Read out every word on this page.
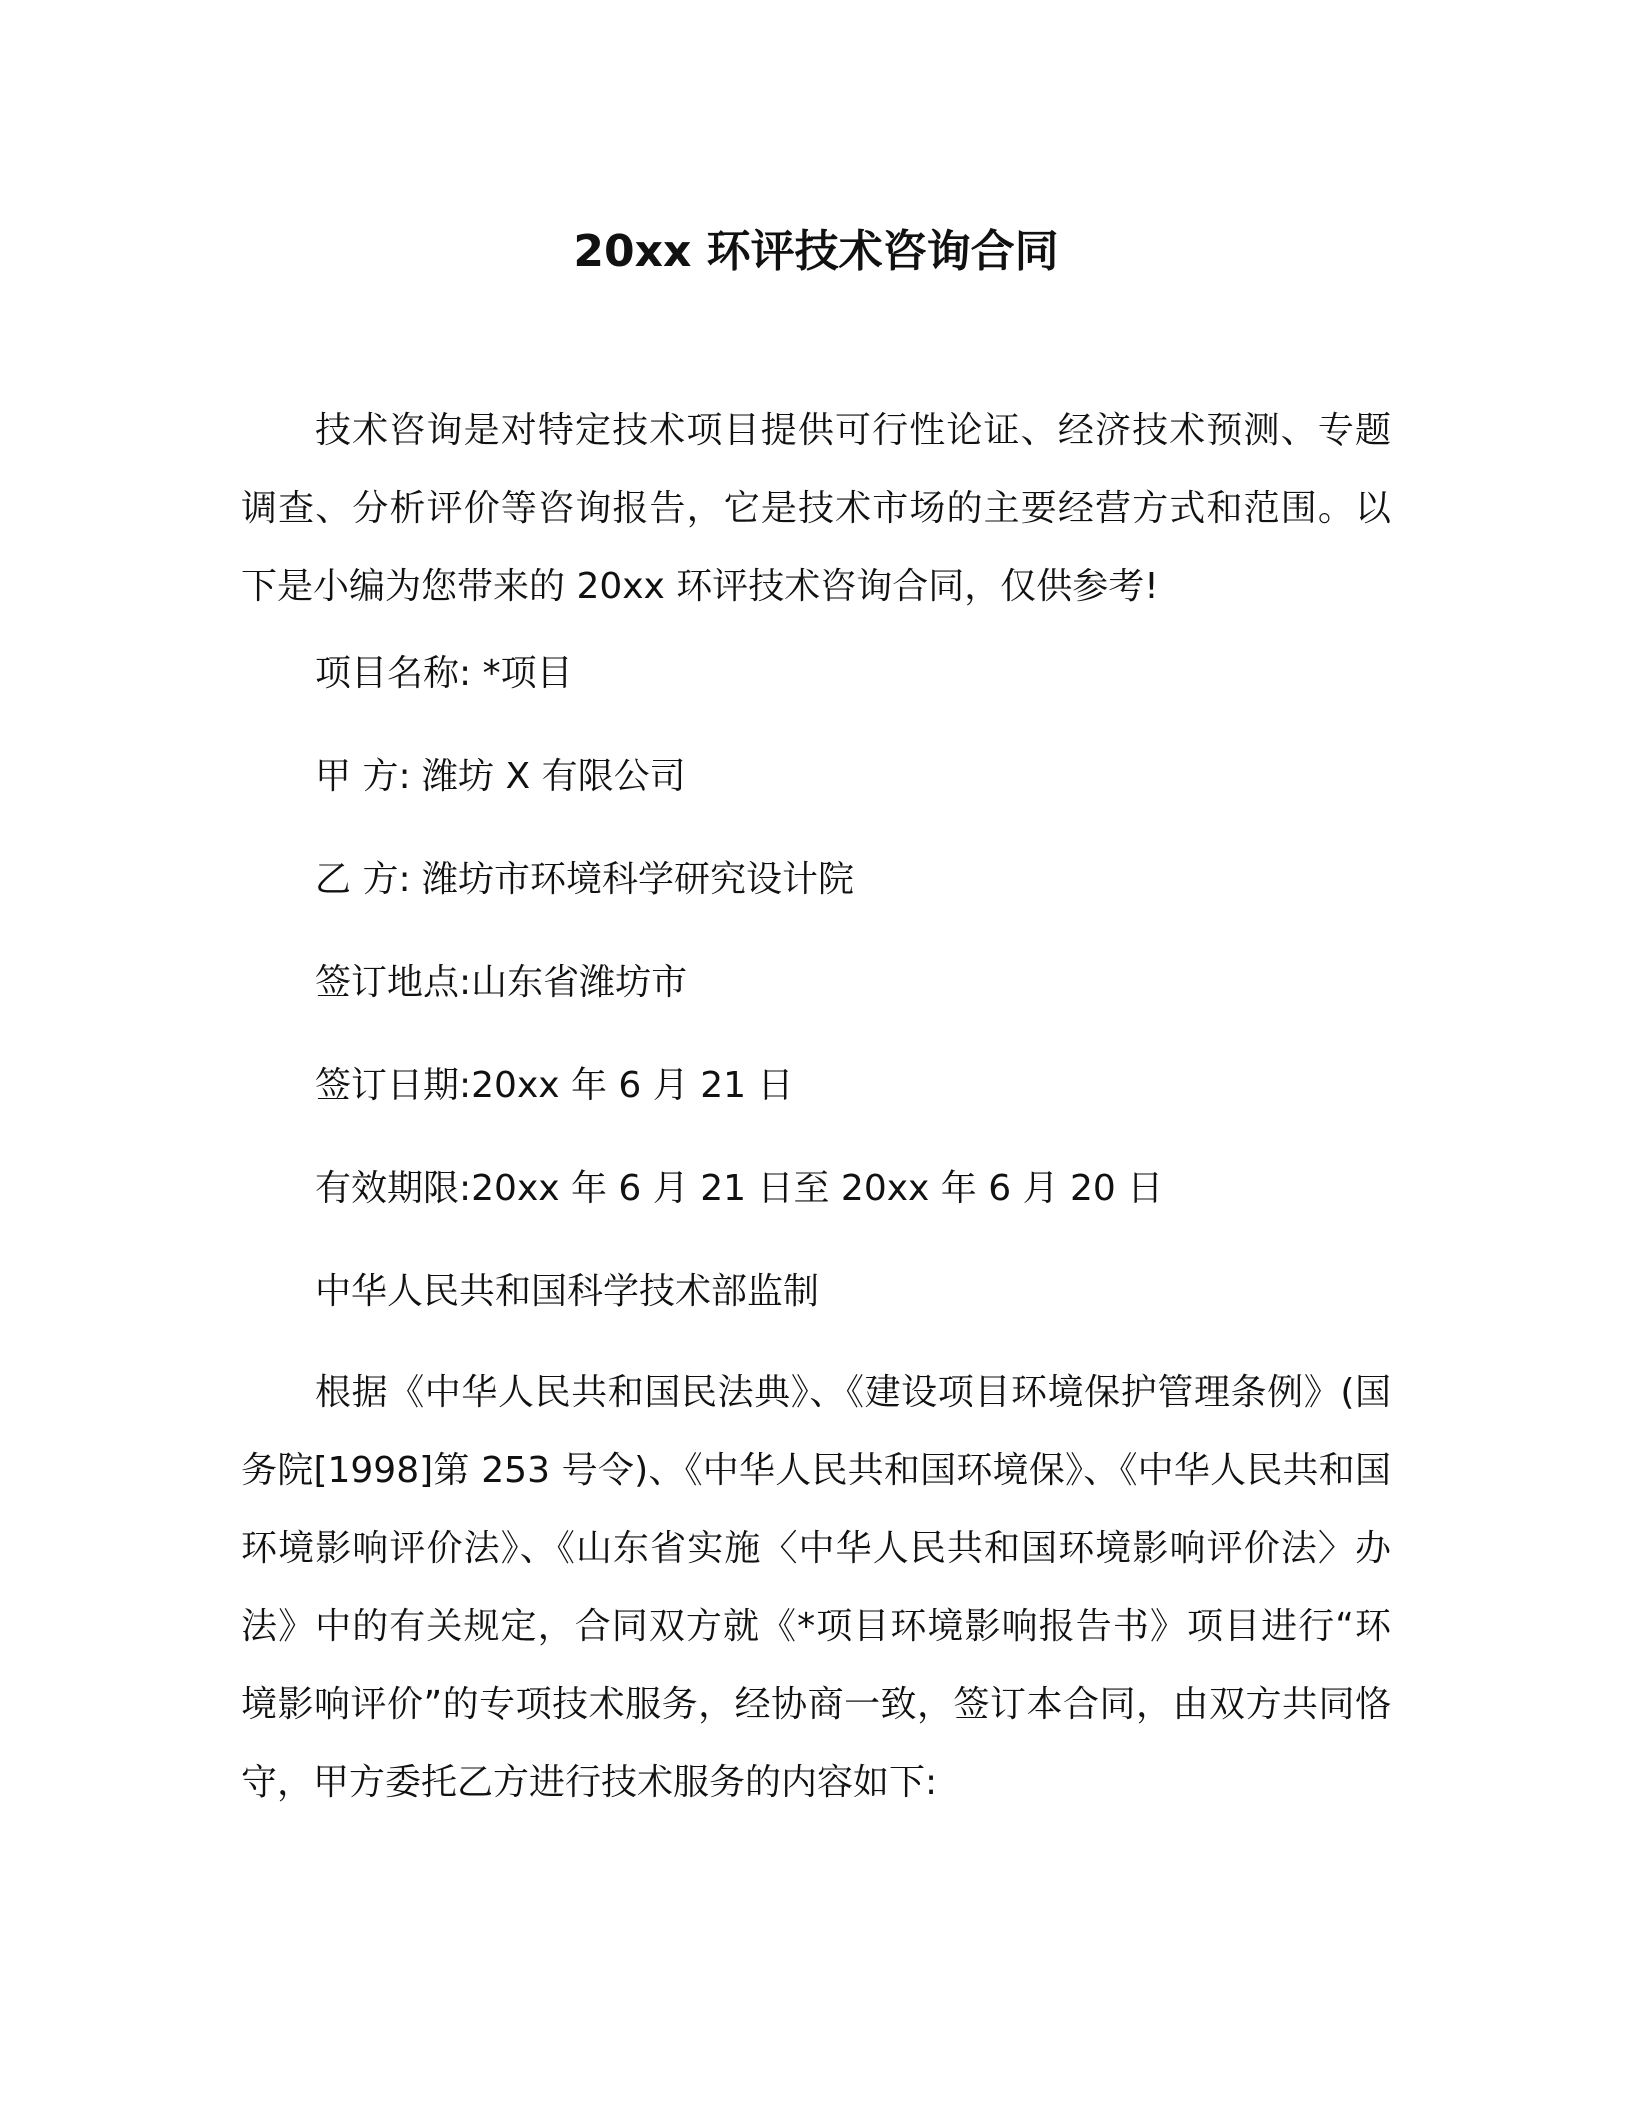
20xx 环评技术咨询合同

技术咨询是对特定技术项目提供可行性论证、经济技术预测、专题调查、分析评价等咨询报告，它是技术市场的主要经营方式和范围。以下是小编为您带来的 20xx 环评技术咨询合同，仅供参考!

项目名称: *项目
甲 方: 潍坊 X 有限公司
乙 方: 潍坊市环境科学研究设计院
签订地点:山东省潍坊市
签订日期:20xx 年 6 月 21 日
有效期限:20xx 年 6 月 21 日至 20xx 年 6 月 20 日
中华人民共和国科学技术部监制

根据《中华人民共和国民法典》、《建设项目环境保护管理条例》(国务院[1998]第 253 号令)、《中华人民共和国环境保》、《中华人民共和国环境影响评价法》、《山东省实施〈中华人民共和国环境影响评价法〉办法》中的有关规定，合同双方就《*项目环境影响报告书》项目进行“环境影响评价”的专项技术服务，经协商一致，签订本合同，由双方共同恪守，甲方委托乙方进行技术服务的内容如下:
